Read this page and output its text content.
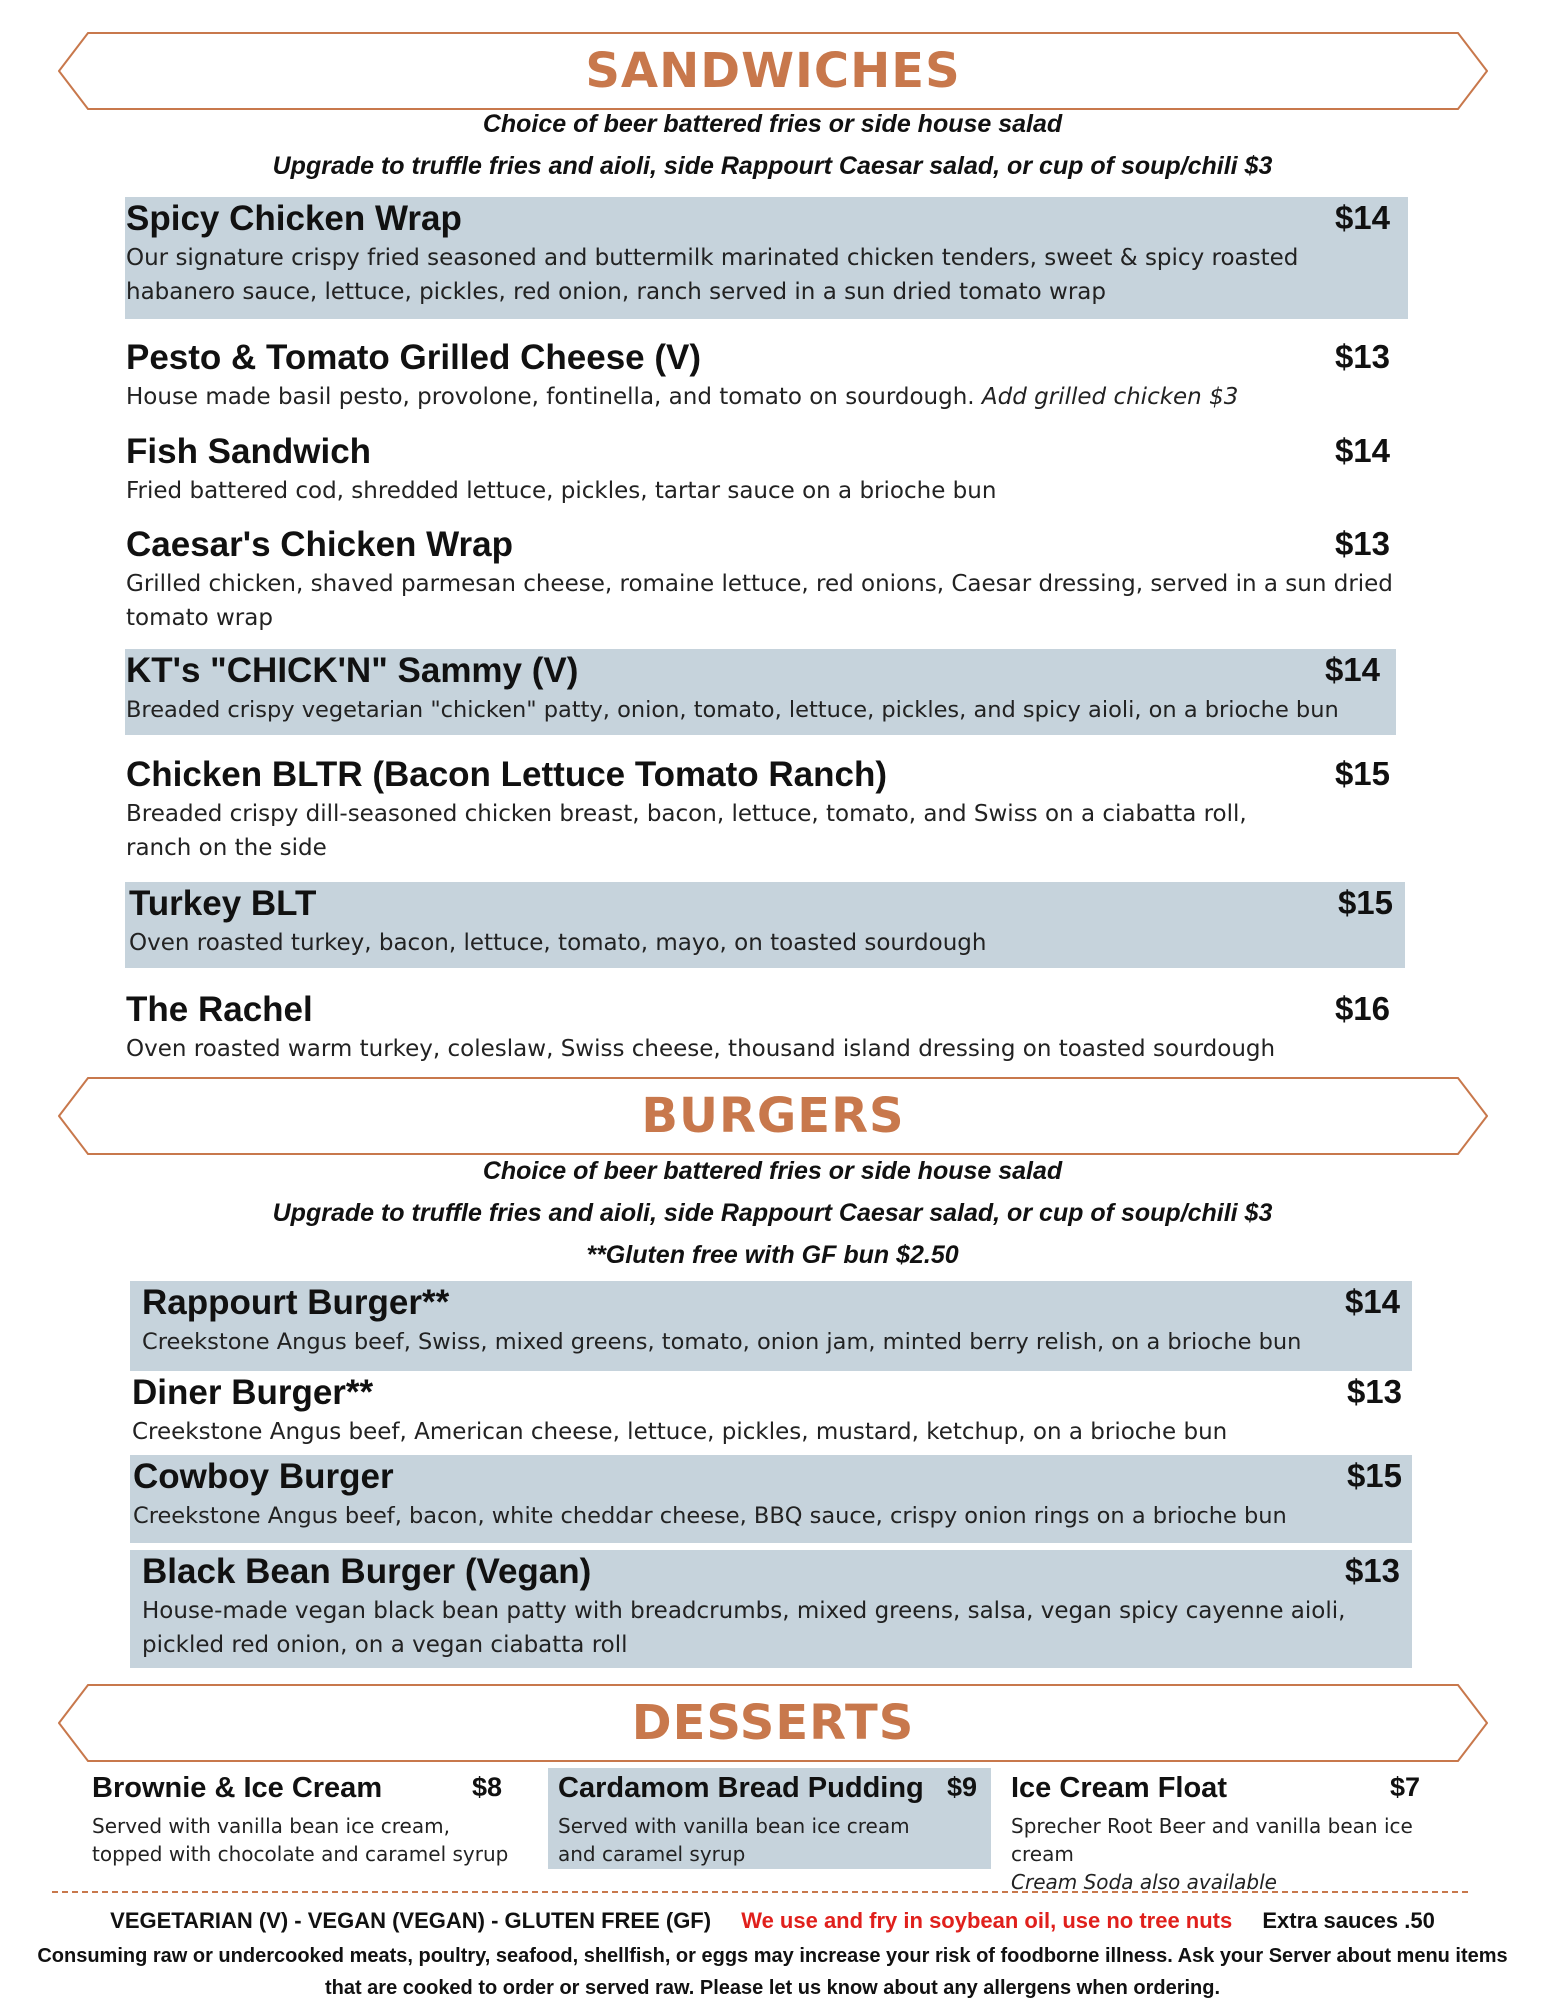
SANDWICHES
Choice of beer battered fries or side house salad
Upgrade to truffle fries and aioli, side Rappourt Caesar salad, or cup of soup/chili $3
Spicy Chicken Wrap	$14
Our signature crispy fried seasoned and buttermilk marinated chicken tenders, sweet & spicy roasted habanero sauce, lettuce, pickles, red onion, ranch served in a sun dried tomato wrap
Pesto & Tomato Grilled Cheese (V)	$13
House made basil pesto, provolone, fontinella, and tomato on sourdough. Add grilled chicken $3
Fish Sandwich	$14
Fried battered cod, shredded lettuce, pickles, tartar sauce on a brioche bun
Caesar's Chicken Wrap	$13
Grilled chicken, shaved parmesan cheese, romaine lettuce, red onions, Caesar dressing, served in a sun dried tomato wrap
KT's "CHICK'N" Sammy (V)	$14
Breaded crispy vegetarian "chicken" patty, onion, tomato, lettuce, pickles, and spicy aioli, on a brioche bun
Chicken BLTR (Bacon Lettuce Tomato Ranch)	$15
Breaded crispy dill-seasoned chicken breast, bacon, lettuce, tomato, and Swiss on a ciabatta roll, ranch on the side
Turkey BLT	$15
Oven roasted turkey, bacon, lettuce, tomato, mayo, on toasted sourdough
The Rachel	$16
Oven roasted warm turkey, coleslaw, Swiss cheese, thousand island dressing on toasted sourdough
BURGERS
Choice of beer battered fries or side house salad
Upgrade to truffle fries and aioli, side Rappourt Caesar salad, or cup of soup/chili $3
**Gluten free with GF bun $2.50
Rappourt Burger**	$14
Creekstone Angus beef, Swiss, mixed greens, tomato, onion jam, minted berry relish, on a brioche bun
Diner Burger**	$13
Creekstone Angus beef, American cheese, lettuce, pickles, mustard, ketchup, on a brioche bun
Cowboy Burger	$15
Creekstone Angus beef, bacon, white cheddar cheese, BBQ sauce, crispy onion rings on a brioche bun
Black Bean Burger (Vegan)	$13
House-made vegan black bean patty with breadcrumbs, mixed greens, salsa, vegan spicy cayenne aioli, pickled red onion, on a vegan ciabatta roll
DESSERTS
Brownie & Ice Cream	$8
Served with vanilla bean ice cream, topped with chocolate and caramel syrup
Cardamom Bread Pudding $9
Served with vanilla bean ice cream and caramel syrup
Ice Cream Float	$7
Sprecher Root Beer and vanilla bean ice cream
Cream Soda also available
VEGETARIAN (V) - VEGAN (VEGAN) - GLUTEN FREE (GF) We use and fry in soybean oil, use no tree nuts Extra sauces .50
Consuming raw or undercooked meats, poultry, seafood, shellfish, or eggs may increase your risk of foodborne illness. Ask your Server about menu items that are cooked to order or served raw. Please let us know about any allergens when ordering.
